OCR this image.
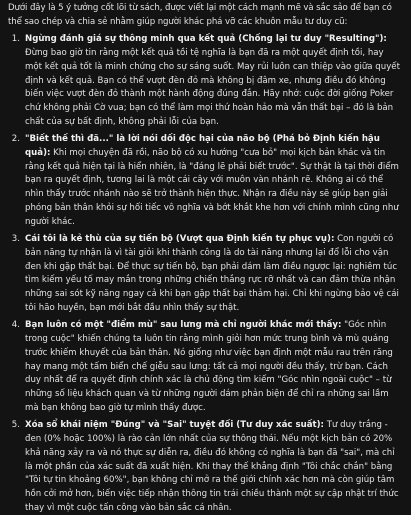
Dưới đây là 5 ý tưởng cốt lõi từ sách, được viết lại một cách mạnh mẽ và sắc sảo để bạn có thể sao chép và chia sẻ nhằm giúp người khác phá vỡ các khuôn mẫu tư duy cũ:

1. Ngừng đánh giá sự thông minh qua kết quả (Chống lại tư duy "Resulting"): Đừng bao giờ tin rằng một kết quả tồi tệ nghĩa là bạn đã ra một quyết định tồi, hay một kết quả tốt là minh chứng cho sự sáng suốt. May rủi luôn can thiệp vào giữa quyết định và kết quả. Bạn có thể vượt đèn đỏ mà không bị đâm xe, nhưng điều đó không biến việc vượt đèn đỏ thành một hành động đúng đắn. Hãy nhớ: cuộc đời giống Poker chứ không phải Cờ vua; bạn có thể làm mọi thứ hoàn hảo mà vẫn thất bại – đó là bản chất của sự bất định, không phải lỗi của bạn.
2. "Biết thế thì đã..." là lời nói dối độc hại của não bộ (Phá bỏ Định kiến hậu quả): Khi mọi chuyện đã rồi, não bộ có xu hướng "cưa bỏ" mọi kịch bản khác và tin rằng kết quả hiện tại là hiển nhiên, là "đáng lẽ phải biết trước". Sự thật là tại thời điểm bạn ra quyết định, tương lai là một cái cây với muôn vàn nhánh rẽ. Không ai có thể nhìn thấy trước nhánh nào sẽ trở thành hiện thực. Nhận ra điều này sẽ giúp bạn giải phóng bản thân khỏi sự hối tiếc vô nghĩa và bớt khắt khe hơn với chính mình cũng như người khác.
3. Cái tôi là kẻ thù của sự tiến bộ (Vượt qua Định kiến tự phục vụ): Con người có bản năng tự nhận là vì tài giỏi khi thành công là do tài năng nhưng lại đổ lỗi cho vận đen khi gặp thất bại. Để thực sự tiến bộ, bạn phải dám làm điều ngược lại: nghiêm túc tìm kiếm yếu tố may mắn trong những chiến thắng rực rỡ nhất và can đảm thừa nhận những sai sót kỹ năng ngay cả khi bạn gặp thất bại thảm hại. Chỉ khi ngừng bảo vệ cái tôi hão huyền, bạn mới bắt đầu nhìn thấy sự thật.
4. Bạn luôn có một "điểm mù" sau lưng mà chỉ người khác mới thấy: "Góc nhìn trong cuộc" khiến chúng ta luôn tin rằng mình giỏi hơn mức trung bình và mù quáng trước khiếm khuyết của bản thân. Nó giống như việc bạn định một mẫu rau trên răng hay mang một tấm biển chế giễu sau lưng: tất cả mọi người đều thấy, trừ bạn. Cách duy nhất để ra quyết định chính xác là chủ động tìm kiếm "Góc nhìn ngoài cuộc" – từ những số liệu khách quan và từ những người dám phản biện để chỉ ra những sai lầm mà bạn không bao giờ tự mình thấy được.
5. Xóa sổ khái niệm "Đúng" và "Sai" tuyệt đối (Tư duy xác suất): Tư duy trắng - đen (0% hoặc 100%) là rào cản lớn nhất của sự thông thái. Nếu một kịch bản có 20% khả năng xảy ra và nó thực sự diễn ra, điều đó không có nghĩa là bạn đã "sai", mà chỉ là một phần của xác suất đã xuất hiện. Khi thay thế khẳng định "Tôi chắc chắn" bằng "Tôi tự tin khoảng 60%", bạn không chỉ mở ra thế giới chính xác hơn mà còn giúp tâm hồn cởi mở hơn, biến việc tiếp nhận thông tin trái chiều thành một sự cập nhật trí thức thay vì một cuộc tấn công vào bản sắc cá nhân.
